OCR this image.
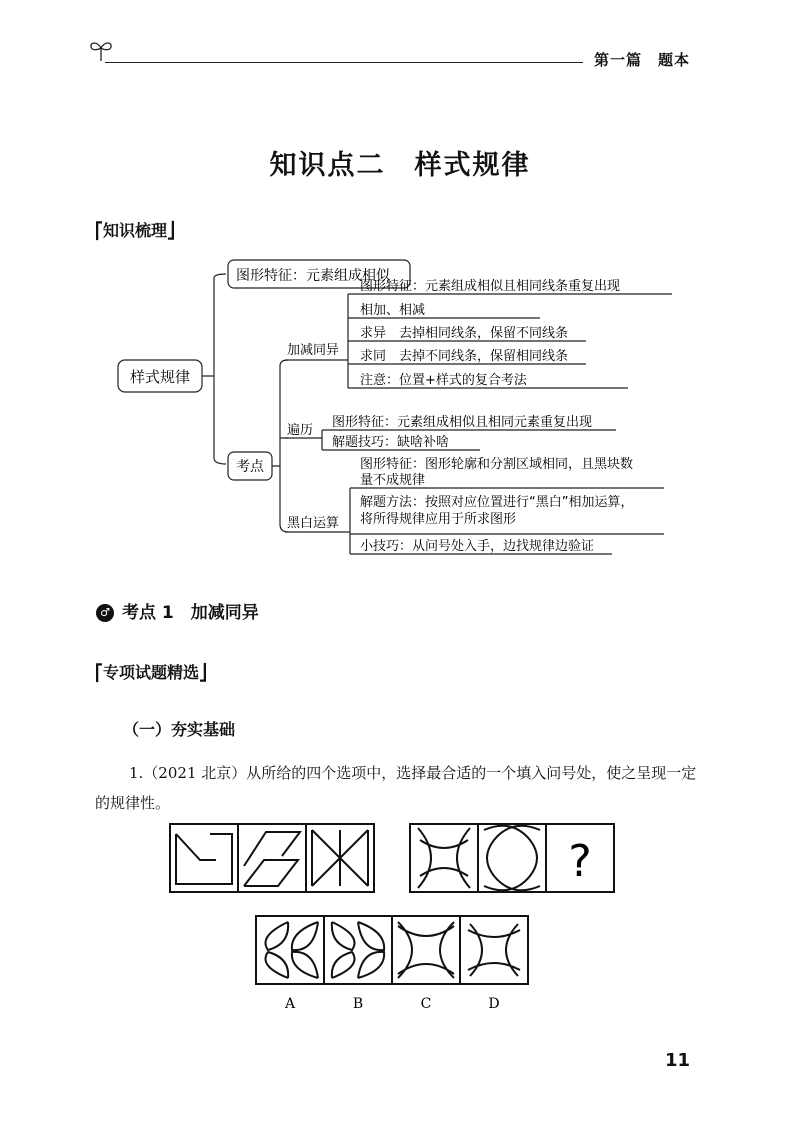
第一篇　题本
知识点二　样式规律
⎡知识梳理⎦
样式规律
图形特征：元素组成相似
考点
加减同异
图形特征：元素组成相似且相同线条重复出现
相加、相减
求异　去掉相同线条，保留不同线条
求同　去掉不同线条，保留相同线条
注意：位置+样式的复合考法
遍历
图形特征：元素组成相似且相同元素重复出现
解题技巧：缺啥补啥
黑白运算
图形特征：图形轮廓和分割区域相同，且黑块数
量不成规律
解题方法：按照对应位置进行“黑白”相加运算，
将所得规律应用于所求图形
小技巧：从问号处入手，边找规律边验证
♂ 考点 1　加减同异
⎡专项试题精选⎦
（一）夯实基础
1.（2021 北京）从所给的四个选项中，选择最合适的一个填入问号处，使之呈现一定的规律性。
?
A	B	C	D
11
